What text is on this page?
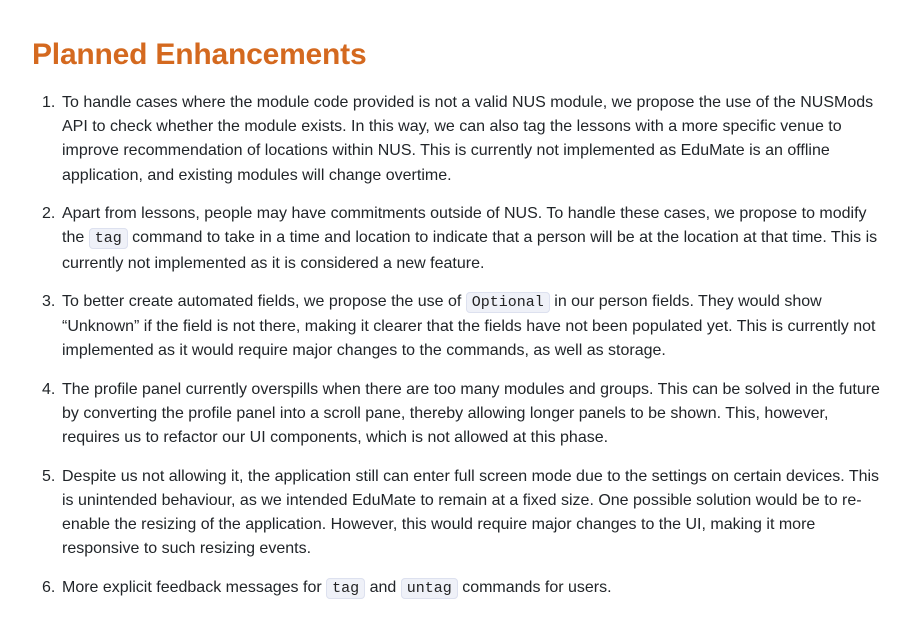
Planned Enhancements
To handle cases where the module code provided is not a valid NUS module, we propose the use of the NUSMods API to check whether the module exists. In this way, we can also tag the lessons with a more specific venue to improve recommendation of locations within NUS. This is currently not implemented as EduMate is an offline application, and existing modules will change overtime.
Apart from lessons, people may have commitments outside of NUS. To handle these cases, we propose to modify the tag command to take in a time and location to indicate that a person will be at the location at that time. This is currently not implemented as it is considered a new feature.
To better create automated fields, we propose the use of Optional in our person fields. They would show “Unknown” if the field is not there, making it clearer that the fields have not been populated yet. This is currently not implemented as it would require major changes to the commands, as well as storage.
The profile panel currently overspills when there are too many modules and groups. This can be solved in the future by converting the profile panel into a scroll pane, thereby allowing longer panels to be shown. This, however, requires us to refactor our UI components, which is not allowed at this phase.
Despite us not allowing it, the application still can enter full screen mode due to the settings on certain devices. This is unintended behaviour, as we intended EduMate to remain at a fixed size. One possible solution would be to re-enable the resizing of the application. However, this would require major changes to the UI, making it more responsive to such resizing events.
More explicit feedback messages for tag and untag commands for users.
